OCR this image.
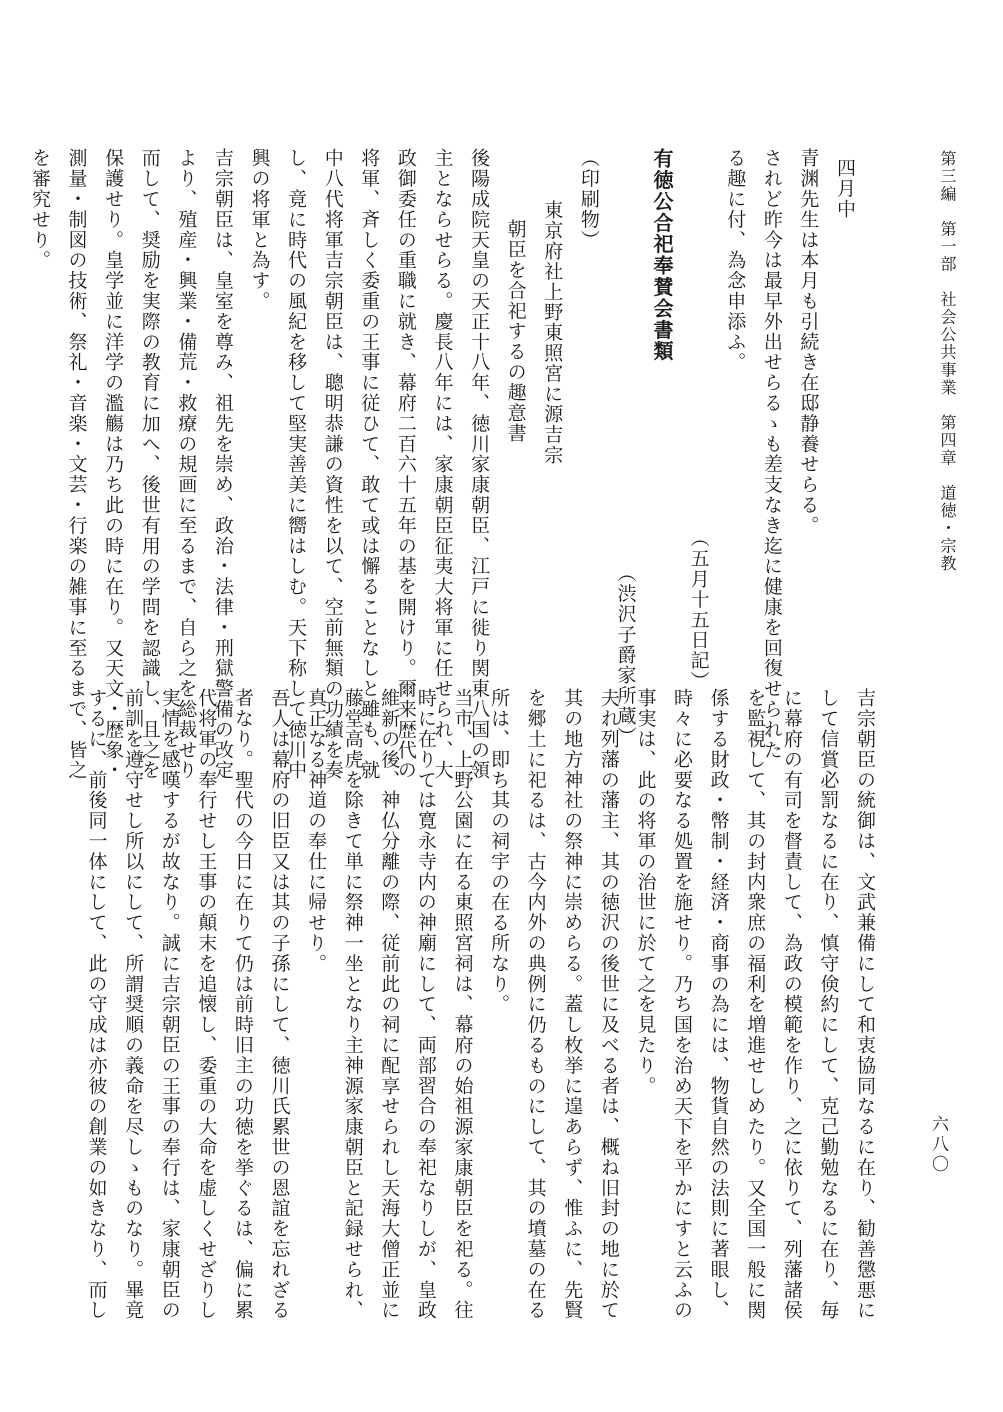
第三編　第一部　社会公共事業　第四章　道徳・宗教
六八〇

四月中

青渊先生は本月も引続き在邸静養せらる。

されど昨今は最早外出せらるゝも差支なき迄に健康を回復せられた

る趣に付、為念申添ふ。

（五月十五日記）

有徳公合祀奉賛会書類

（渋沢子爵家所蔵）

（印刷物）

東京府社上野東照宮に源吉宗

朝臣を合祀するの趣意書

後陽成院天皇の天正十八年、徳川家康朝臣、江戸に徙り関東八国の領

主とならせらる。慶長八年には、家康朝臣征夷大将軍に任せられ、大

政御委任の重職に就き、幕府二百六十五年の基を開けり。爾来歴代の

将軍、斉しく委重の王事に従ひて、敢て或は懈ることなしと雖も、就

中八代将軍吉宗朝臣は、聰明恭謙の資性を以て、空前無類の功績を奏

し、竟に時代の風紀を移して堅実善美に嚮はしむ。天下称して徳川中

興の将軍と為す。

吉宗朝臣は、皇室を尊み、祖先を崇め、政治・法律・刑獄警備の改定

より、殖産・興業・備荒・救療の規画に至るまで、自ら之を総裁せり

而して、奨励を実際の教育に加へ、後世有用の学問を認識し、且之を

保護せり。皇学並に洋学の濫觴は乃ち此の時に在り。又天文・歴象・

測量・制図の技術、祭礼・音楽・文芸・行楽の雑事に至るまで、皆之

を審究せり。

吉宗朝臣の統御は、文武兼備にして和衷協同なるに在り、勧善懲悪に

して信賞必罰なるに在り、慎守倹約にして、克己勤勉なるに在り、毎

に幕府の有司を督責して、為政の模範を作り、之に依りて、列藩諸侯

を監視して、其の封内衆庶の福利を増進せしめたり。又全国一般に関

係する財政・幣制・経済・商事の為には、物貨自然の法則に著眼し、

時々に必要なる処置を施せり。乃ち国を治め天下を平かにすと云ふの

事実は、此の将軍の治世に於て之を見たり。

夫れ列藩の藩主、其の徳沢の後世に及べる者は、概ね旧封の地に於て

其の地方神社の祭神に崇めらる。蓋し枚挙に遑あらず、惟ふに、先賢

を郷土に祀るは、古今内外の典例に仍るものにして、其の墳墓の在る

所は、即ち其の祠宇の在る所なり。

当市、上野公園に在る東照宮祠は、幕府の始祖源家康朝臣を祀る。往

時に在りては寛永寺内の神廟にして、両部習合の奉祀なりしが、皇政

維新の後、神仏分離の際、従前此の祠に配享せられし天海大僧正並に

藤堂高虎を除きて単に祭神一坐となり主神源家康朝臣と記録せられ、

真正なる神道の奉仕に帰せり。

吾人は幕府の旧臣又は其の子孫にして、徳川氏累世の恩誼を忘れざる

者なり。聖代の今日に在りて仍は前時旧主の功徳を挙ぐるは、偏に累

代将軍の奉行せし王事の顛末を追懐し、委重の大命を虚しくせざりし

実情を感嘆するが故なり。誠に吉宗朝臣の王事の奉行は、家康朝臣の

前訓を遵守せし所以にして、所謂奨順の義命を尽しゝものなり。畢竟

するに、前後同一体にして、此の守成は亦彼の創業の如きなり、而し
